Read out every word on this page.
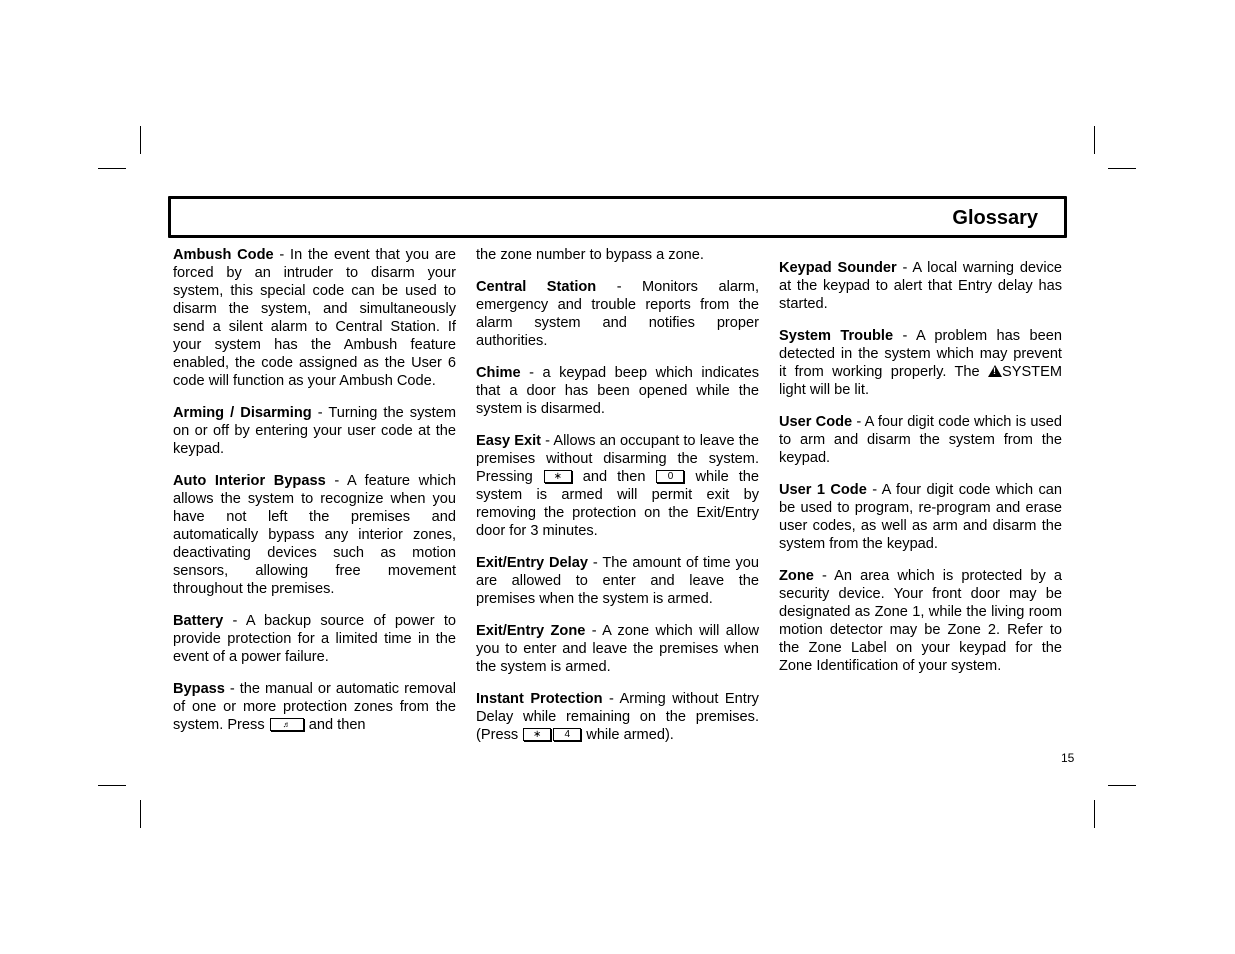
Glossary

Ambush Code - In the event that you are forced by an intruder to disarm your system, this special code can be used to disarm the system, and simultaneously send a silent alarm to Central Station. If your system has the Ambush feature enabled, the code assigned as the User 6 code will function as your Ambush Code.

Arming / Disarming - Turning the system on or off by entering your user code at the keypad.

Auto Interior Bypass - A feature which allows the system to recognize when you have not left the premises and automatically bypass any interior zones, deactivating devices such as motion sensors, allowing free movement throughout the premises.

Battery - A backup source of power to provide protection for a limited time in the event of a power failure.

Bypass - the manual or automatic removal of one or more protection zones from the system. Press ♬ and then

the zone number to bypass a zone.

Central Station - Monitors alarm, emergency and trouble reports from the alarm system and notifies proper authorities.

Chime - a keypad beep which indicates that a door has been opened while the system is disarmed.

Easy Exit - Allows an occupant to leave the premises without disarming the system. Pressing ∗ and then 0 while the system is armed will permit exit by removing the protection on the Exit/Entry door for 3 minutes.

Exit/Entry Delay - The amount of time you are allowed to enter and leave the premises when the system is armed.

Exit/Entry Zone - A zone which will allow you to enter and leave the premises when the system is armed.

Instant Protection - Arming without Entry Delay while remaining on the premises. (Press ∗ 4 while armed).

Keypad Sounder - A local warning device at the keypad to alert that Entry delay has started.

System Trouble - A problem has been detected in the system which may prevent it from working properly. The !SYSTEM light will be lit.

User Code - A four digit code which is used to arm and disarm the system from the keypad.

User 1 Code - A four digit code which can be used to program, re-program and erase user codes, as well as arm and disarm the system from the keypad.

Zone - An area which is protected by a security device. Your front door may be designated as Zone 1, while the living room motion detector may be Zone 2. Refer to the Zone Label on your keypad for the Zone Identification of your system.

15
